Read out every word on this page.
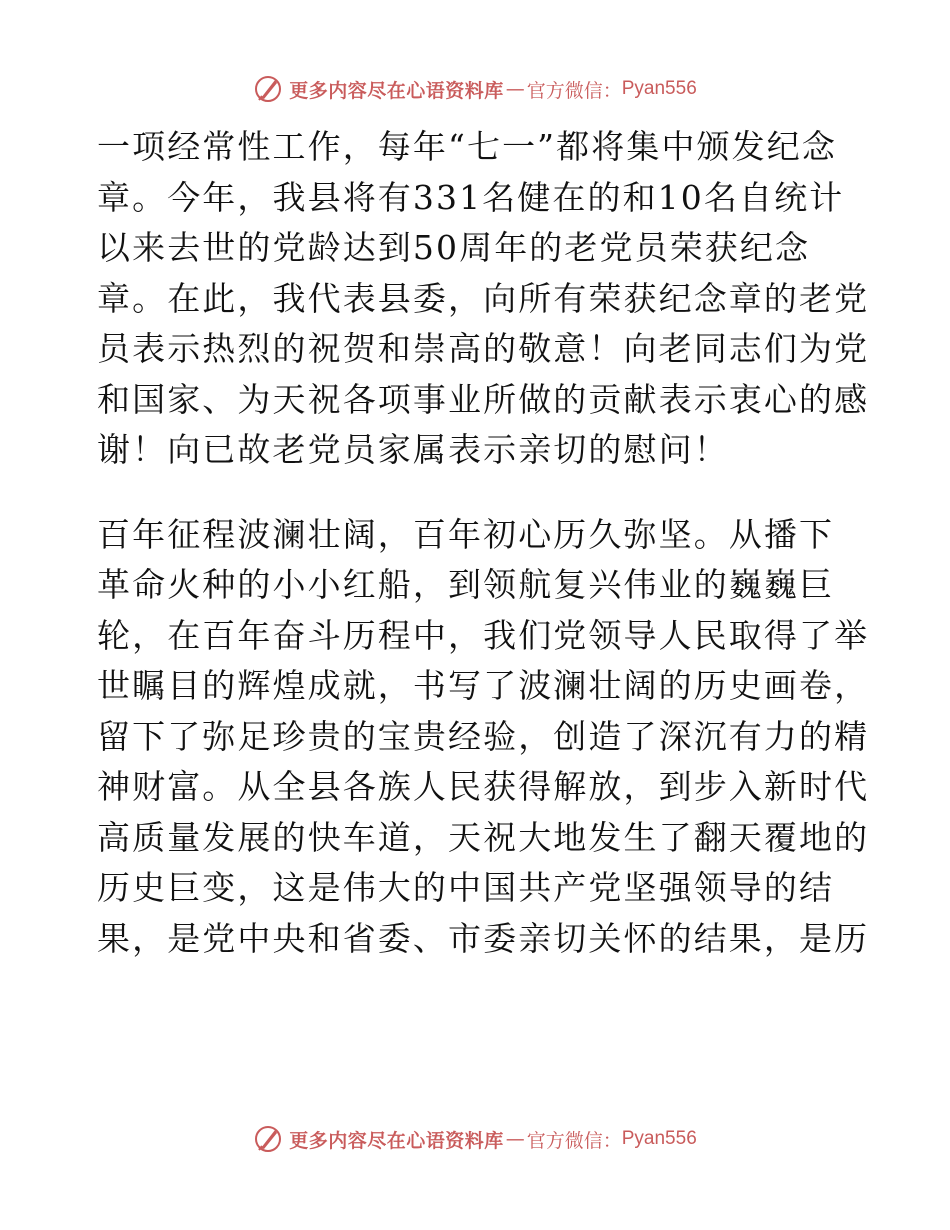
更多内容尽在心语资料库 — 官方微信： Pyan556
一项经常性工作，每年“七一”都将集中颁发纪念
章。今年，我县将有331名健在的和10名自统计
以来去世的党龄达到50周年的老党员荣获纪念
章。在此，我代表县委，向所有荣获纪念章的老党
员表示热烈的祝贺和崇高的敬意！向老同志们为党
和国家、为天祝各项事业所做的贡献表示衷心的感
谢！向已故老党员家属表示亲切的慰问！
百年征程波澜壮阔，百年初心历久弥坚。从播下
革命火种的小小红船，到领航复兴伟业的巍巍巨
轮，在百年奋斗历程中，我们党领导人民取得了举
世瞩目的辉煌成就，书写了波澜壮阔的历史画卷，
留下了弥足珍贵的宝贵经验，创造了深沉有力的精
神财富。从全县各族人民获得解放，到步入新时代
高质量发展的快车道，天祝大地发生了翻天覆地的
历史巨变，这是伟大的中国共产党坚强领导的结
果，是党中央和省委、市委亲切关怀的结果，是历
更多内容尽在心语资料库 — 官方微信： Pyan556
